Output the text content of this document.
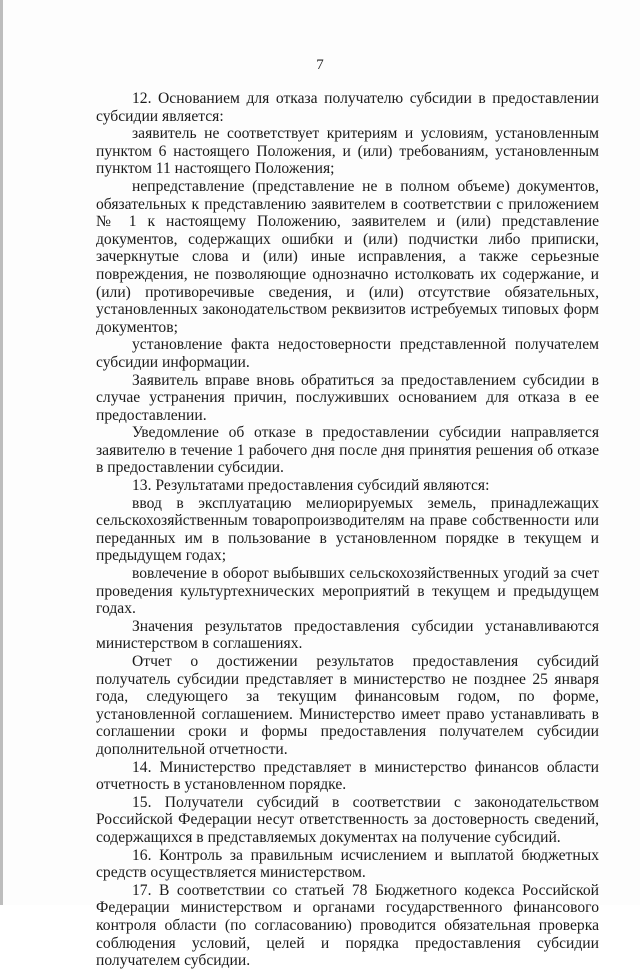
7

12. Основанием для отказа получателю субсидии в предоставлении субсидии является:

заявитель не соответствует критериям и условиям, установленным пунктом 6 настоящего Положения, и (или) требованиям, установленным пунктом 11 настоящего Положения;

непредставление (представление не в полном объеме) документов, обязательных к представлению заявителем в соответствии с приложением № 1 к настоящему Положению, заявителем и (или) представление документов, содержащих ошибки и (или) подчистки либо приписки, зачеркнутые слова и (или) иные исправления, а также серьезные повреждения, не позволяющие однозначно истолковать их содержание, и (или) противоречивые сведения, и (или) отсутствие обязательных, установленных законодательством реквизитов истребуемых типовых форм документов;

установление факта недостоверности представленной получателем субсидии информации.

Заявитель вправе вновь обратиться за предоставлением субсидии в случае устранения причин, послуживших основанием для отказа в ее предоставлении.

Уведомление об отказе в предоставлении субсидии направляется заявителю в течение 1 рабочего дня после дня принятия решения об отказе в предоставлении субсидии.

13. Результатами предоставления субсидий являются:

ввод в эксплуатацию мелиорируемых земель, принадлежащих сельскохозяйственным товаропроизводителям на праве собственности или переданных им в пользование в установленном порядке в текущем и предыдущем годах;

вовлечение в оборот выбывших сельскохозяйственных угодий за счет проведения культуртехнических мероприятий в текущем и предыдущем годах.

Значения результатов предоставления субсидии устанавливаются министерством в соглашениях.

Отчет о достижении результатов предоставления субсидий получатель субсидии представляет в министерство не позднее 25 января года, следующего за текущим финансовым годом, по форме, установленной соглашением. Министерство имеет право устанавливать в соглашении сроки и формы предоставления получателем субсидии дополнительной отчетности.

14. Министерство представляет в министерство финансов области отчетность в установленном порядке.

15. Получатели субсидий в соответствии с законодательством Российской Федерации несут ответственность за достоверность сведений, содержащихся в представляемых документах на получение субсидий.

16. Контроль за правильным исчислением и выплатой бюджетных средств осуществляется министерством.

17. В соответствии со статьей 78 Бюджетного кодекса Российской Федерации министерством и органами государственного финансового контроля области (по согласованию) проводится обязательная проверка соблюдения условий, целей и порядка предоставления субсидии получателем субсидии.
